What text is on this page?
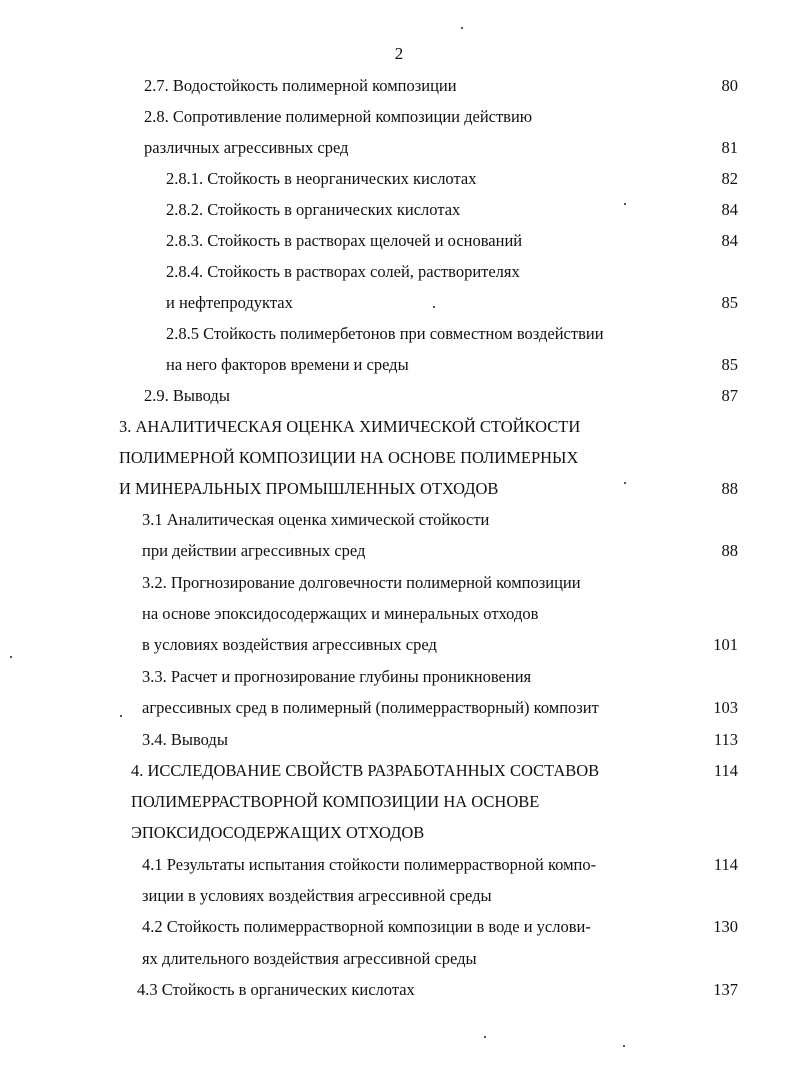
2
2.7. Водостойкость полимерной композиции	80
2.8. Сопротивление полимерной композиции действию
различных агрессивных сред	81
2.8.1. Стойкость в неорганических кислотах	82
2.8.2. Стойкость в органических кислотах	84
2.8.3. Стойкость в растворах щелочей и оснований	84
2.8.4. Стойкость в растворах солей, растворителях
и нефтепродуктах	85
2.8.5 Стойкость полимербетонов при совместном воздействии
на него факторов времени и среды	85
2.9. Выводы	87
3. АНАЛИТИЧЕСКАЯ ОЦЕНКА ХИМИЧЕСКОЙ СТОЙКОСТИ
ПОЛИМЕРНОЙ КОМПОЗИЦИИ НА ОСНОВЕ ПОЛИМЕРНЫХ
И МИНЕРАЛЬНЫХ ПРОМЫШЛЕННЫХ ОТХОДОВ	88
3.1 Аналитическая оценка химической стойкости
при действии агрессивных сред	88
3.2. Прогнозирование долговечности полимерной композиции
на основе эпоксидосодержащих и минеральных отходов
в условиях воздействия агрессивных сред	101
3.3. Расчет и прогнозирование глубины проникновения
агрессивных сред в полимерный (полимеррастворный) композит	103
3.4. Выводы	113
4. ИССЛЕДОВАНИЕ СВОЙСТВ РАЗРАБОТАННЫХ СОСТАВОВ	114
ПОЛИМЕРРАСТВОРНОЙ КОМПОЗИЦИИ НА ОСНОВЕ
ЭПОКСИДОСОДЕРЖАЩИХ ОТХОДОВ
4.1 Результаты испытания стойкости полимеррастворной компо-	114
зиции в условиях воздействия агрессивной среды
4.2 Стойкость полимеррастворной композиции в воде и услови-	130
ях длительного воздействия агрессивной среды
4.3 Стойкость в органических кислотах	137
